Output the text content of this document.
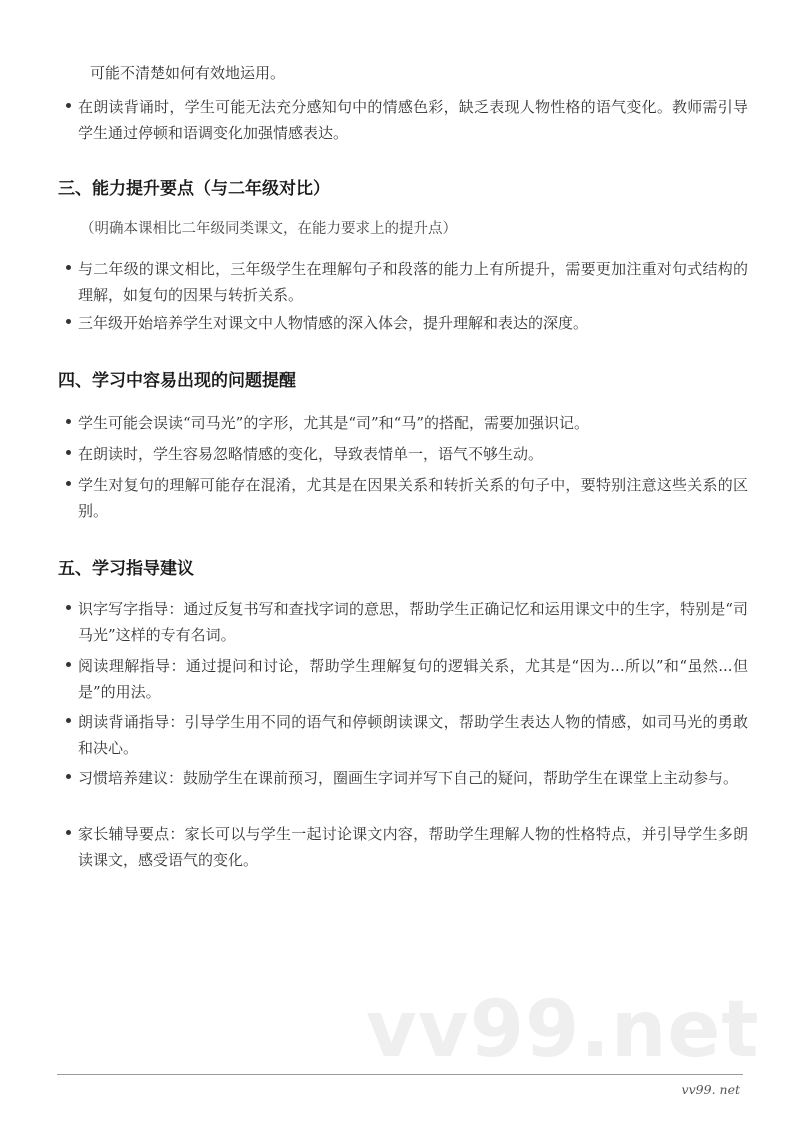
可能不清楚如何有效地运用。
在朗读背诵时，学生可能无法充分感知句中的情感色彩，缺乏表现人物性格的语气变化。教师需引导学生通过停顿和语调变化加强情感表达。
三、能力提升要点（与二年级对比）
（明确本课相比二年级同类课文，在能力要求上的提升点）
与二年级的课文相比，三年级学生在理解句子和段落的能力上有所提升，需要更加注重对句式结构的理解，如复句的因果与转折关系。
三年级开始培养学生对课文中人物情感的深入体会，提升理解和表达的深度。
四、学习中容易出现的问题提醒
学生可能会误读“司马光”的字形，尤其是“司”和“马”的搭配，需要加强识记。
在朗读时，学生容易忽略情感的变化，导致表情单一，语气不够生动。
学生对复句的理解可能存在混淆，尤其是在因果关系和转折关系的句子中，要特别注意这些关系的区别。
五、学习指导建议
识字写字指导：通过反复书写和查找字词的意思，帮助学生正确记忆和运用课文中的生字，特别是“司马光”这样的专有名词。
阅读理解指导：通过提问和讨论，帮助学生理解复句的逻辑关系，尤其是“因为...所以”和“虽然...但是”的用法。
朗读背诵指导：引导学生用不同的语气和停顿朗读课文，帮助学生表达人物的情感，如司马光的勇敢和决心。
习惯培养建议：鼓励学生在课前预习，圈画生字词并写下自己的疑问，帮助学生在课堂上主动参与。
家长辅导要点：家长可以与学生一起讨论课文内容，帮助学生理解人物的性格特点，并引导学生多朗读课文，感受语气的变化。
vv99.net
vv99. net
